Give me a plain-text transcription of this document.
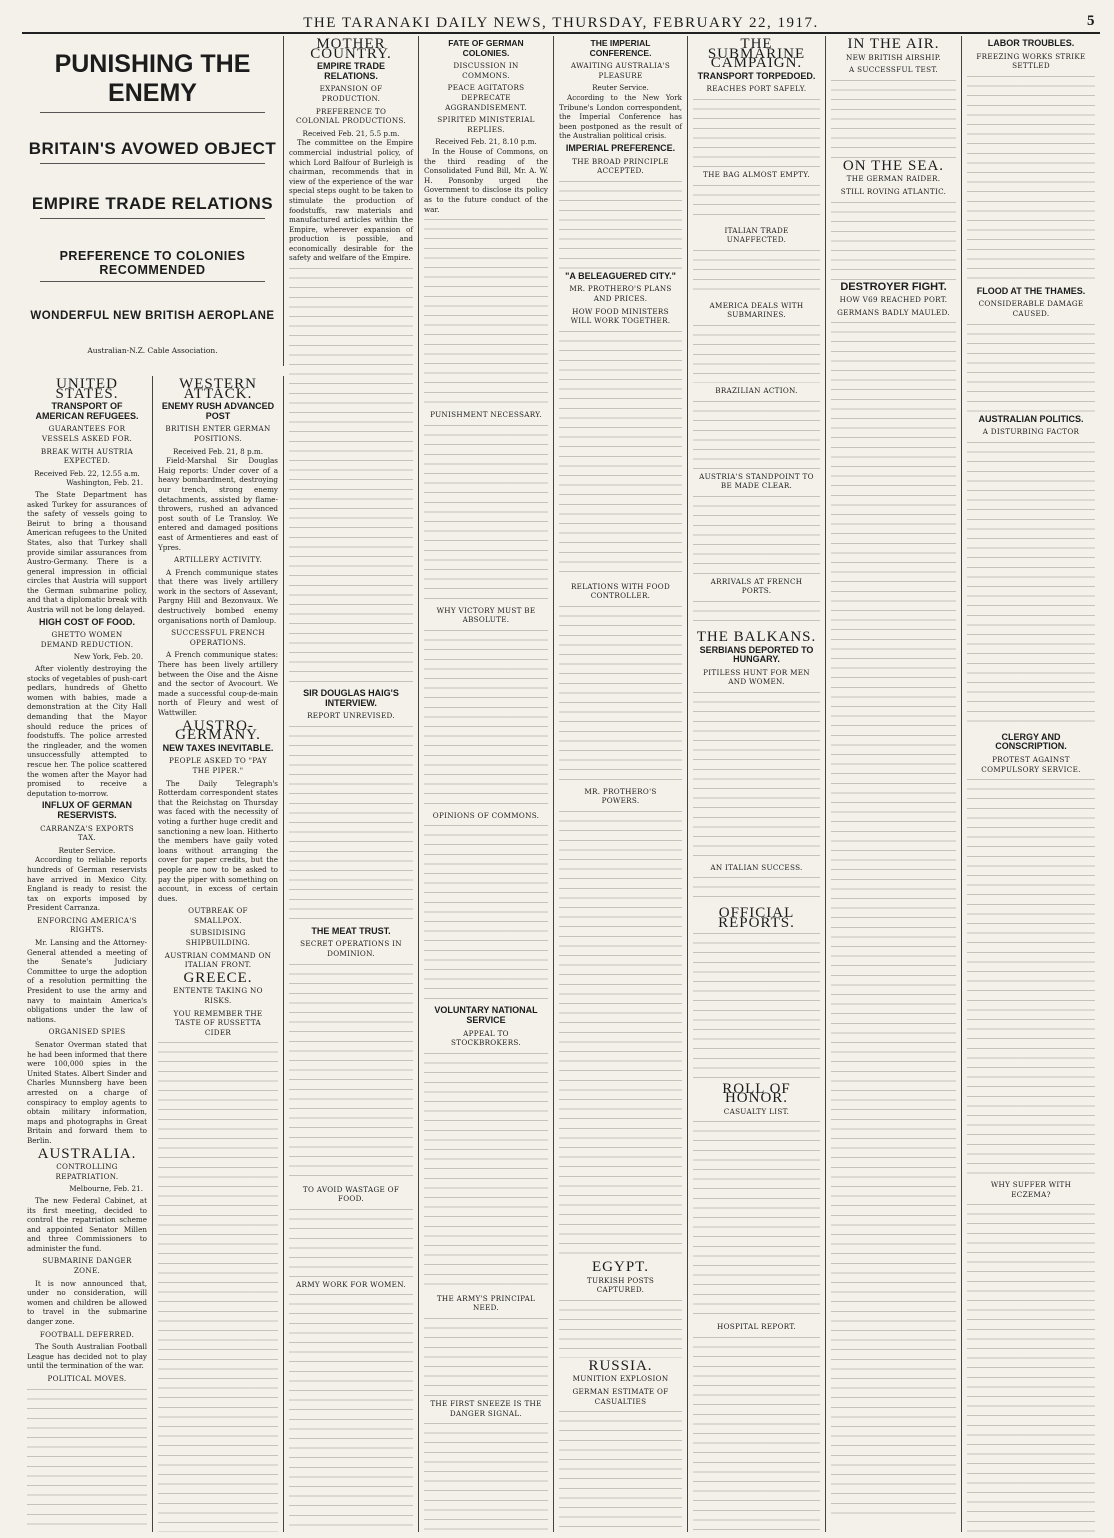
THE TARANAKI DAILY NEWS, THURSDAY, FEBRUARY 22, 1917.	5
PUNISHING THE ENEMY
BRITAIN'S AVOWED OBJECT
EMPIRE TRADE RELATIONS
PREFERENCE TO COLONIES RECOMMENDED
WONDERFUL NEW BRITISH AEROPLANE
Australian-N.Z. Cable Association.
UNITED STATES.
TRANSPORT OF AMERICAN REFUGEES.
GUARANTEES FOR VESSELS ASKED FOR.
BREAK WITH AUSTRIA EXPECTED.
Received Feb. 22, 12.55 a.m.
Washington, Feb. 21.

The State Department has asked Turkey for assurances of the safety of vessels going to Beirut to bring a thousand American refugees to the United States, also that Turkey shall provide similar assurances from Austro-Germany. There is a general impression in official circles that Austria will support the German submarine policy, and that a diplomatic break with Austria will not be long delayed.

HIGH COST OF FOOD.
GHETTO WOMEN DEMAND REDUCTION.
New York, Feb. 20.

After violently destroying the stocks of vegetables of push-cart pedlars, hundreds of Ghetto women with babies, made a demonstration at the City Hall demanding that the Mayor should reduce the prices of foodstuffs. The police arrested the ringleader, and the women unsuccessfully attempted to rescue her. The police scattered the women after the Mayor had promised to receive a deputation to-morrow.

INFLUX OF GERMAN RESERVISTS.
CARRANZA'S EXPORTS TAX.
Reuter Service.

According to reliable reports hundreds of German reservists have arrived in Mexico City. England is ready to resist the tax on exports imposed by President Carranza.

ENFORCING AMERICA'S RIGHTS.

Mr. Lansing and the Attorney-General attended a meeting of the Senate's Judiciary Committee to urge the adoption of a resolution permitting the President to use the army and navy to maintain America's obligations under the law of nations.

ORGANISED SPIES

Senator Overman stated that he had been informed that there were 100,000 spies in the United States. Albert Sinder and Charles Munnsberg have been arrested on a charge of conspiracy to employ agents to obtain military information, maps and photographs in Great Britain and forward them to Berlin.

AUSTRALIA.
CONTROLLING REPATRIATION.
Melbourne, Feb. 21.

The new Federal Cabinet, at its first meeting, decided to control the repatriation scheme and appointed Senator Millen and three Commissioners to administer the fund.

SUBMARINE DANGER ZONE.

It is now announced that, under no consideration, will women and children be allowed to travel in the submarine danger zone.

FOOTBALL DEFERRED.

The South Australian Football League has decided not to play until the termination of the war.

POLITICAL MOVES.
WESTERN ATTACK.
ENEMY RUSH ADVANCED POST
BRITISH ENTER GERMAN POSITIONS.
Received Feb. 21, 8 p.m.

Field-Marshal Sir Douglas Haig reports: Under cover of a heavy bombardment, destroying our trench, strong enemy detachments, assisted by flame-throwers, rushed an advanced post south of Le Transloy. We entered and damaged positions east of Armentieres and east of Ypres.

ARTILLERY ACTIVITY.

A French communique states that there was lively artillery work in the sectors of Assevant, Pargny Hill and Bezonvaux. We destructively bombed enemy organisations north of Damloup.

SUCCESSFUL FRENCH OPERATIONS.

A French communique states: There has been lively artillery between the Oise and the Aisne and the sector of Avocourt. We made a successful coup-de-main north of Fleury and west of Wattwiller.

AUSTRO-GERMANY.
NEW TAXES INEVITABLE.
PEOPLE ASKED TO "PAY THE PIPER."

The Daily Telegraph's Rotterdam correspondent states that the Reichstag on Thursday was faced with the necessity of voting a further huge credit and sanctioning a new loan. Hitherto the members have gaily voted loans without arranging the cover for paper credits, but the people are now to be asked to pay the piper with something on account, in excess of certain dues.

OUTBREAK OF SMALLPOX.
SUBSIDISING SHIPBUILDING.
AUSTRIAN COMMAND ON ITALIAN FRONT.
GREECE.
ENTENTE TAKING NO RISKS.
YOU REMEMBER THE TASTE OF RUSSETTA CIDER
MOTHER COUNTRY.
EMPIRE TRADE RELATIONS.
EXPANSION OF PRODUCTION.
PREFERENCE TO COLONIAL PRODUCTIONS.
Received Feb. 21, 5.5 p.m.

The committee on the Empire commercial industrial policy, of which Lord Balfour of Burleigh is chairman, recommends that in view of the experience of the war special steps ought to be taken to stimulate the production of foodstuffs, raw materials and manufactured articles within the Empire, wherever expansion of production is possible, and economically desirable for the safety and welfare of the Empire.

SIR DOUGLAS HAIG'S INTERVIEW.
REPORT UNREVISED.
THE MEAT TRUST.
SECRET OPERATIONS IN DOMINION.
TO AVOID WASTAGE OF FOOD.
ARMY WORK FOR WOMEN.
FATE OF GERMAN COLONIES.
DISCUSSION IN COMMONS.
PEACE AGITATORS DEPRECATE AGGRANDISEMENT.
SPIRITED MINISTERIAL REPLIES.
Received Feb. 21, 8.10 p.m.

In the House of Commons, on the third reading of the Consolidated Fund Bill, Mr. A. W. H. Ponsonby urged the Government to disclose its policy as to the future conduct of the war.

PUNISHMENT NECESSARY.
WHY VICTORY MUST BE ABSOLUTE.
OPINIONS OF COMMONS.
VOLUNTARY NATIONAL SERVICE
APPEAL TO STOCKBROKERS.
THE ARMY'S PRINCIPAL NEED.
THE FIRST SNEEZE IS THE DANGER SIGNAL.
THE IMPERIAL CONFERENCE.
AWAITING AUSTRALIA'S PLEASURE
Reuter Service.

According to the New York Tribune's London correspondent, the Imperial Conference has been postponed as the result of the Australian political crisis.

IMPERIAL PREFERENCE.
THE BROAD PRINCIPLE ACCEPTED.
"A BELEAGUERED CITY."
MR. PROTHERO'S PLANS AND PRICES.
HOW FOOD MINISTERS WILL WORK TOGETHER.
RELATIONS WITH FOOD CONTROLLER.
MR. PROTHERO'S POWERS.
EGYPT.
TURKISH POSTS CAPTURED.
RUSSIA.
MUNITION EXPLOSION
GERMAN ESTIMATE OF CASUALTIES
THE SUBMARINE CAMPAIGN.
TRANSPORT TORPEDOED.
REACHES PORT SAFELY.
THE BAG ALMOST EMPTY.
ITALIAN TRADE UNAFFECTED.
AMERICA DEALS WITH SUBMARINES.
BRAZILIAN ACTION.
AUSTRIA'S STANDPOINT TO BE MADE CLEAR.
ARRIVALS AT FRENCH PORTS.
THE BALKANS.
SERBIANS DEPORTED TO HUNGARY.
PITILESS HUNT FOR MEN AND WOMEN.
AN ITALIAN SUCCESS.
OFFICIAL REPORTS.
ROLL OF HONOR.
CASUALTY LIST.
HOSPITAL REPORT.
IN THE AIR.
NEW BRITISH AIRSHIP.
A SUCCESSFUL TEST.
ON THE SEA.
THE GERMAN RAIDER.
STILL ROVING ATLANTIC.
DESTROYER FIGHT.
HOW V69 REACHED PORT.
GERMANS BADLY MAULED.
LABOR TROUBLES.
FREEZING WORKS STRIKE SETTLED
FLOOD AT THE THAMES.
CONSIDERABLE DAMAGE CAUSED.
AUSTRALIAN POLITICS.
A DISTURBING FACTOR
CLERGY AND CONSCRIPTION.
PROTEST AGAINST COMPULSORY SERVICE.
WHY SUFFER WITH ECZEMA?
